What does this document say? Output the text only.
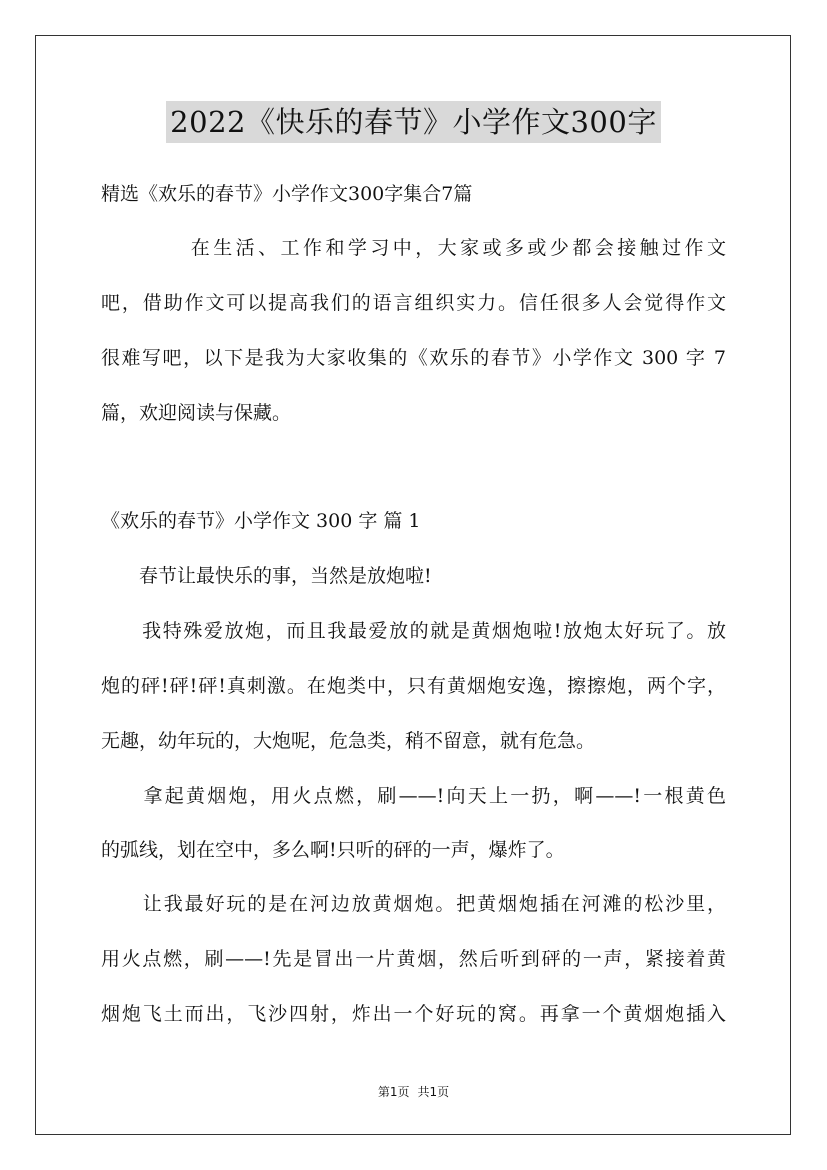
2022《快乐的春节》小学作文300字

精选《欢乐的春节》小学作文300字集合7篇

　　　　在生活、工作和学习中，大家或多或少都会接触过作文

吧，借助作文可以提高我们的语言组织实力。信任很多人会觉得作文

很难写吧，以下是我为大家收集的《欢乐的春节》小学作文 300 字 7

篇，欢迎阅读与保藏。

《欢乐的春节》小学作文 300 字 篇 1

　　春节让最快乐的事，当然是放炮啦!

　　我特殊爱放炮，而且我最爱放的就是黄烟炮啦!放炮太好玩了。放

炮的砰!砰!砰!真刺激。在炮类中，只有黄烟炮安逸，擦擦炮，两个字，

无趣，幼年玩的，大炮呢，危急类，稍不留意，就有危急。

　　拿起黄烟炮，用火点燃，刷——!向天上一扔，啊——!一根黄色

的弧线，划在空中，多么啊!只听的砰的一声，爆炸了。

　　让我最好玩的是在河边放黄烟炮。把黄烟炮插在河滩的松沙里，

用火点燃，刷——!先是冒出一片黄烟，然后听到砰的一声，紧接着黄

烟炮飞土而出，飞沙四射，炸出一个好玩的窝。再拿一个黄烟炮插入

第1页 共1页
